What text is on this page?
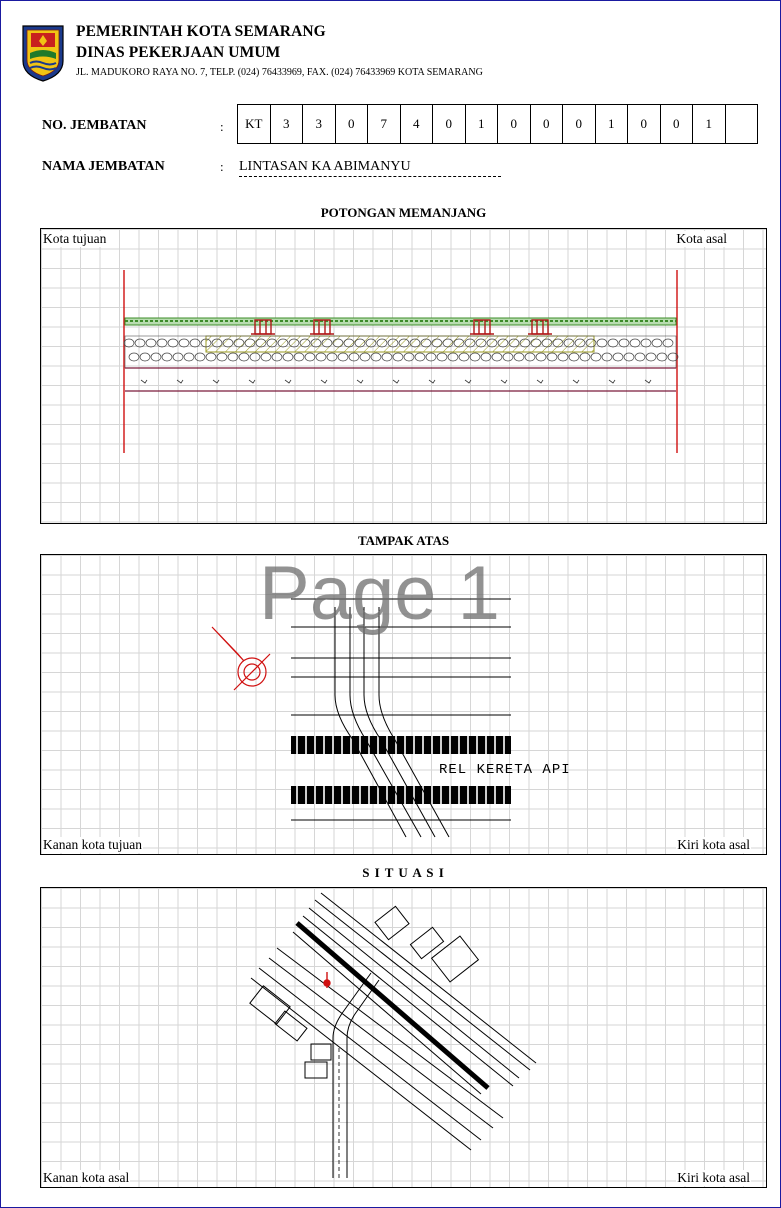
PEMERINTAH KOTA SEMARANG
DINAS PEKERJAAN UMUM
JL. MADUKORO RAYA NO. 7, TELP. (024) 76433969, FAX. (024) 76433969 KOTA SEMARANG
NO. JEMBATAN	: KT	3	3	0	7	4	0	1	0	0	0	1	0	0	1	
NAMA JEMBATAN	: LINTASAN KA ABIMANYU
POTONGAN MEMANJANG
Kota tujuan	Kota asal
TAMPAK ATAS
Page 1
REL KERETA API
Kanan kota tujuan	Kiri kota asal
S I T U A S I
Kanan kota asal	Kiri kota asal
